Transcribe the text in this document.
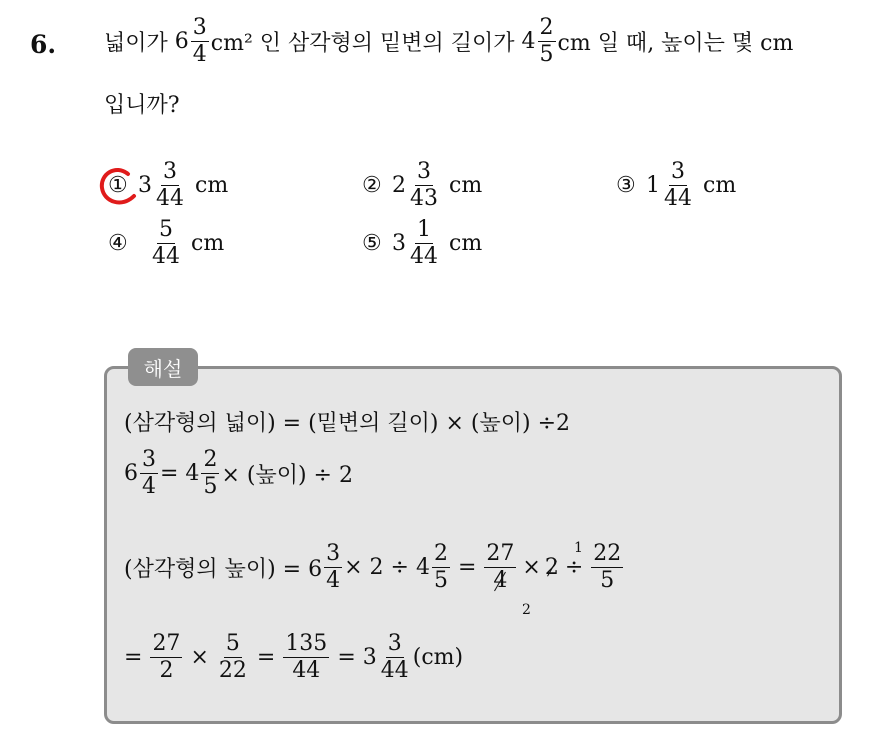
6. 넓이가
$6 \frac{3}{4} cm^2$ 인 삼각형의 밑변의 길이가
$4 \frac{2}{5}$ cm 일 때, 높이는 몇 cm
입니까?
① $3 \frac{3}{44}$
cm	② $2 \frac{3}{43}$
cm	③ $1 \frac{3}{44}$
cm
④	$\frac{5}{44}$
cm	⑤ $3 \frac{1}{44}$
cm
해설
(삼각형의 넓이) = (밑변의 길이) × (높이) ÷2
$6 \frac{3}{4} = 4 \frac{2}{5}$ × (높이) ÷ 2
(삼각형의 높이) = $6 \frac{3}{4} \times 2 \div 4 \frac{2}{5} = \frac{27}{4} \times 2 \div \frac{22}{5}$
1
2
= $\frac{27}{2} \times \frac{5}{22} = \frac{135}{44} = 3 \frac{3}{44} (cm)$
